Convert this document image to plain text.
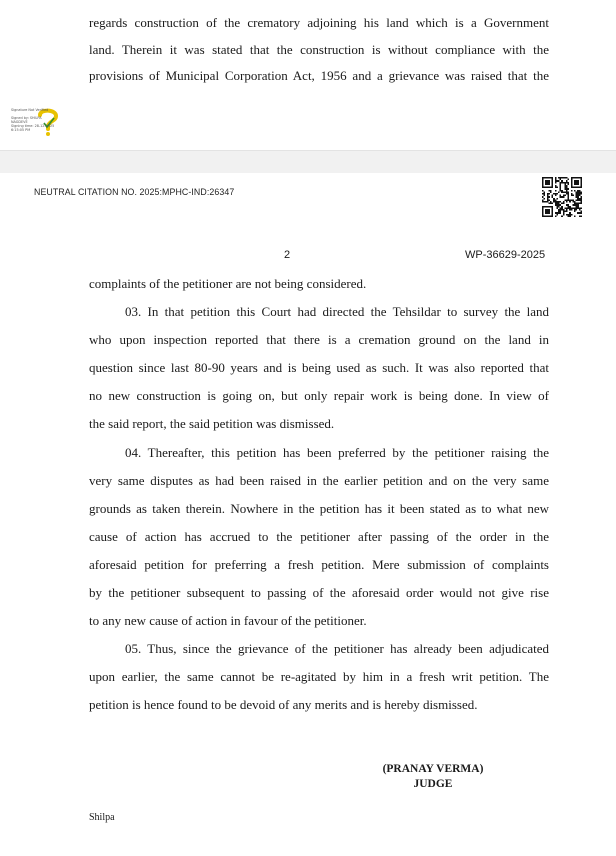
regards construction of the crematory adjoining his land which is a Government
land. Therein it was stated that the construction is without compliance with the
provisions of Municipal Corporation Act, 1956 and a grievance was raised that the
Signature Not Verified
Signed by: SHILPA
NAGDEVE
Signing time: 28-12-2025
6:15:05 PM
NEUTRAL CITATION NO. 2025:MPHC-IND:26347
2	WP-36629-2025
complaints of the petitioner are not being considered.
03. In that petition this Court had directed the Tehsildar to survey the land
who upon inspection reported that there is a cremation ground on the land in
question since last 80-90 years and is being used as such. It was also reported that
no new construction is going on, but only repair work is being done. In view of
the said report, the said petition was dismissed.
04. Thereafter, this petition has been preferred by the petitioner raising the
very same disputes as had been raised in the earlier petition and on the very same
grounds as taken therein. Nowhere in the petition has it been stated as to what new
cause of action has accrued to the petitioner after passing of the order in the
aforesaid petition for preferring a fresh petition. Mere submission of complaints
by the petitioner subsequent to passing of the aforesaid order would not give rise
to any new cause of action in favour of the petitioner.
05. Thus, since the grievance of the petitioner has already been adjudicated
upon earlier, the same cannot be re-agitated by him in a fresh writ petition. The
petition is hence found to be devoid of any merits and is hereby dismissed.
(PRANAY VERMA)
JUDGE
Shilpa
